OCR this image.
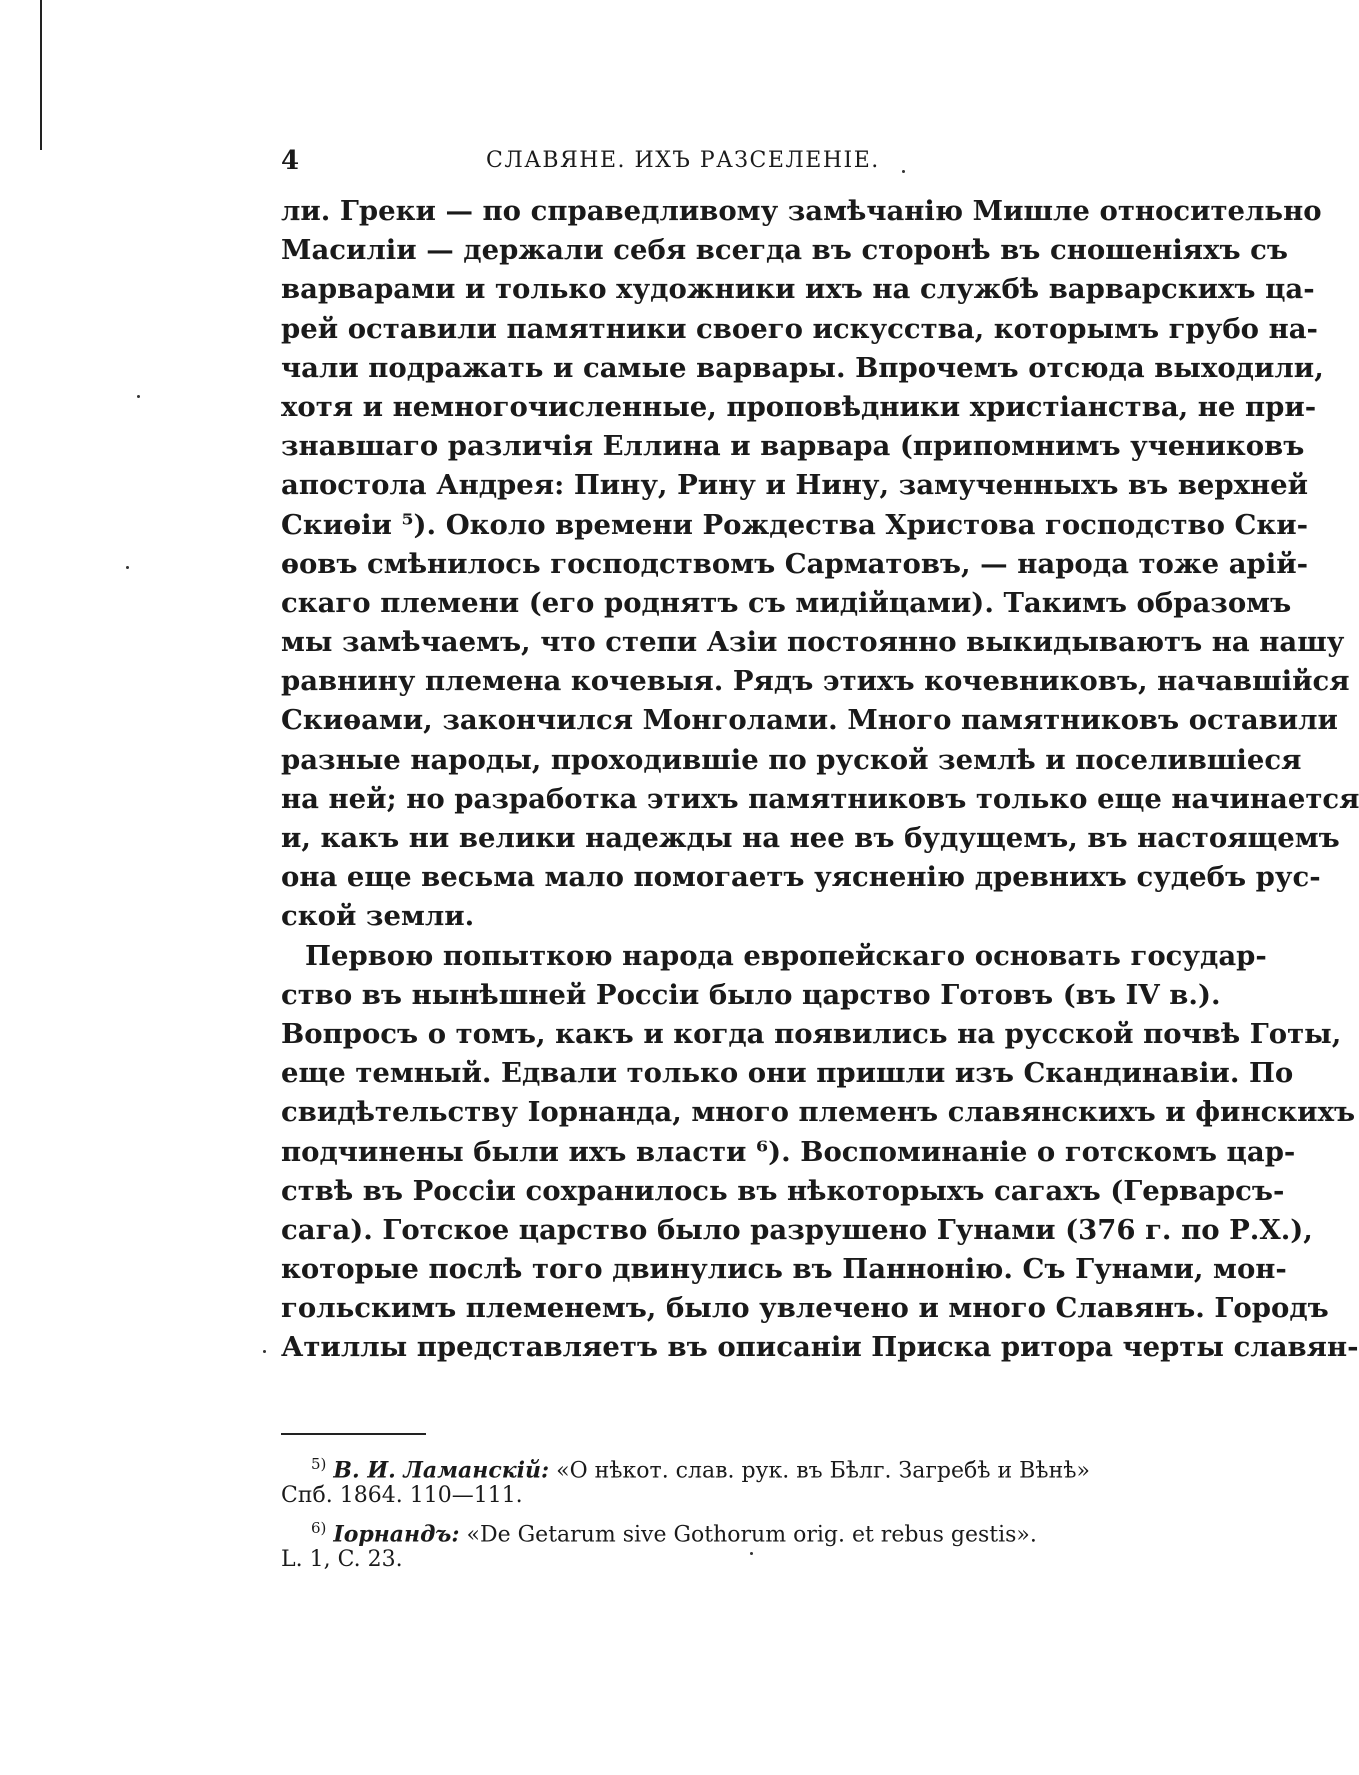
4	СЛАВЯНЕ. ИХЪ РАЗСЕЛЕНІЕ.
ли. Греки — по справедливому замѣчанію Мишле относительно
Масиліи — держали себя всегда въ сторонѣ въ сношеніяхъ съ
варварами и только художники ихъ на службѣ варварскихъ ца-
рей оставили памятники своего искусства, которымъ грубо на-
чали подражать и самые варвары. Впрочемъ отсюда выходили,
хотя и немногочисленные, проповѣдники христіанства, не при-
знавшаго различія Еллина и варвара (припомнимъ учениковъ
апостола Андрея: Пину, Рину и Нину, замученныхъ въ верхней
Скиѳіи ⁵). Около времени Рождества Христова господство Ски-
ѳовъ смѣнилось господствомъ Сарматовъ, — народа тоже арій-
скаго племени (его роднятъ съ мидійцами). Такимъ образомъ
мы замѣчаемъ, что степи Азіи постоянно выкидываютъ на нашу
равнину племена кочевыя. Рядъ этихъ кочевниковъ, начавшійся
Скиѳами, закончился Монголами. Много памятниковъ оставили
разные народы, проходившіе по руской землѣ и поселившіеся
на ней; но разработка этихъ памятниковъ только еще начинается
и, какъ ни велики надежды на нее въ будущемъ, въ настоящемъ
она еще весьма мало помогаетъ уясненію древнихъ судебъ рус-
ской земли.
Первою попыткою народа европейскаго основать государ-
ство въ нынѣшней Россіи было царство Готовъ (въ IV в.).
Вопросъ о томъ, какъ и когда появились на русской почвѣ Готы,
еще темный. Едвали только они пришли изъ Скандинавіи. По
свидѣтельству Іорнанда, много племенъ славянскихъ и финскихъ
подчинены были ихъ власти ⁶). Воспоминаніе о готскомъ цар-
ствѣ въ Россіи сохранилось въ нѣкоторыхъ сагахъ (Герварсъ-
сага). Готское царство было разрушено Гунами (376 г. по Р.Х.),
которые послѣ того двинулись въ Паннонію. Съ Гунами, мон-
гольскимъ племенемъ, было увлечено и много Славянъ. Городъ
Атиллы представляетъ въ описаніи Приска ритора черты славян-
$^{5)}$ В. И. Ламанскій: «О нѣкот. слав. рук. въ Бѣлг. Загребѣ и Вѣнѣ»
Спб. 1864. 110—111.
$^{6)}$ Іорнандъ: «De Getarum sive Gothorum orig. et rebus gestis».
L. 1, C. 23.
